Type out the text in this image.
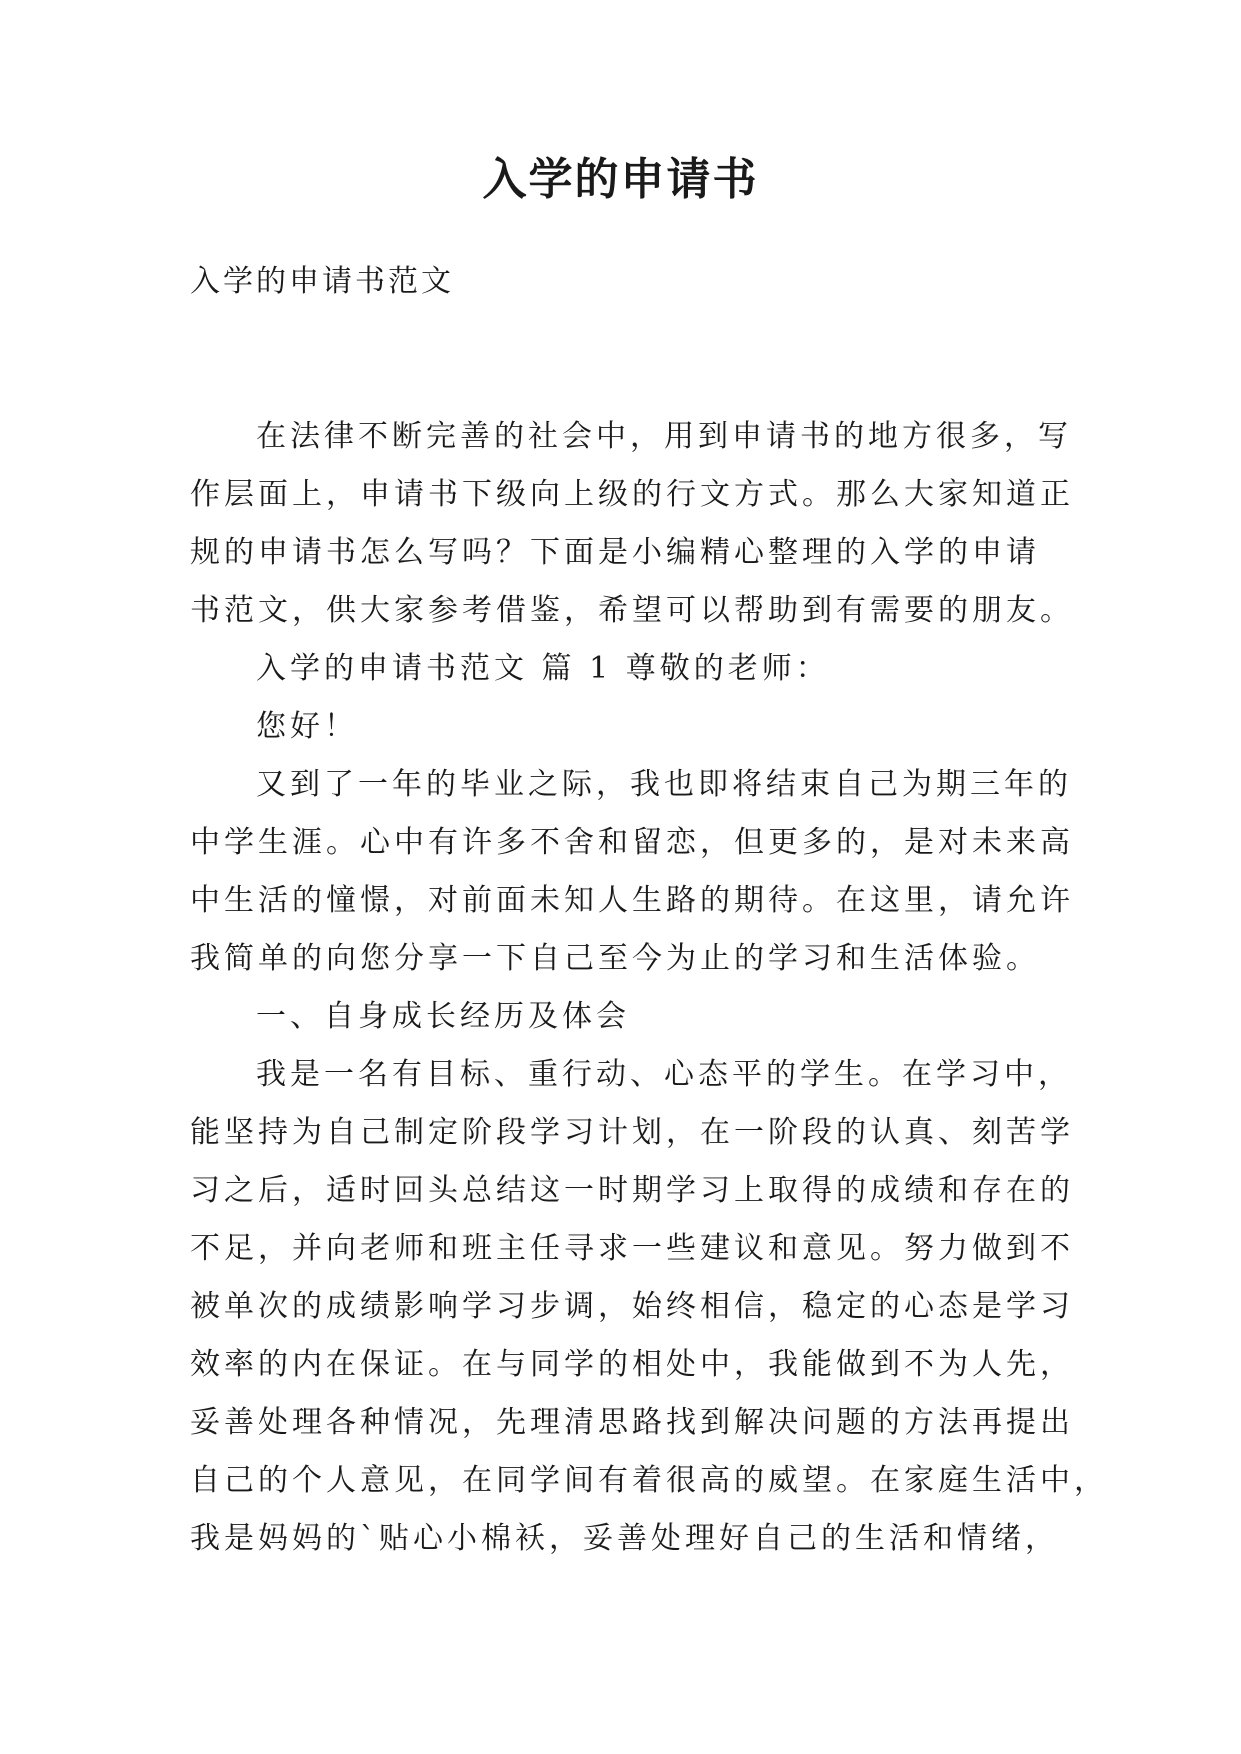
入学的申请书

入学的申请书范文

在法律不断完善的社会中，用到申请书的地方很多，写
作层面上，申请书下级向上级的行文方式。那么大家知道正
规的申请书怎么写吗？下面是小编精心整理的入学的申请
书范文，供大家参考借鉴，希望可以帮助到有需要的朋友。
入学的申请书范文 篇 1 尊敬的老师：
您好！
又到了一年的毕业之际，我也即将结束自己为期三年的
中学生涯。心中有许多不舍和留恋，但更多的，是对未来高
中生活的憧憬，对前面未知人生路的期待。在这里，请允许
我简单的向您分享一下自己至今为止的学习和生活体验。
一、自身成长经历及体会
我是一名有目标、重行动、心态平的学生。在学习中，
能坚持为自己制定阶段学习计划，在一阶段的认真、刻苦学
习之后，适时回头总结这一时期学习上取得的成绩和存在的
不足，并向老师和班主任寻求一些建议和意见。努力做到不
被单次的成绩影响学习步调，始终相信，稳定的心态是学习
效率的内在保证。在与同学的相处中，我能做到不为人先，
妥善处理各种情况，先理清思路找到解决问题的方法再提出
自己的个人意见，在同学间有着很高的威望。在家庭生活中，
我是妈妈的`贴心小棉袄，妥善处理好自己的生活和情绪，
